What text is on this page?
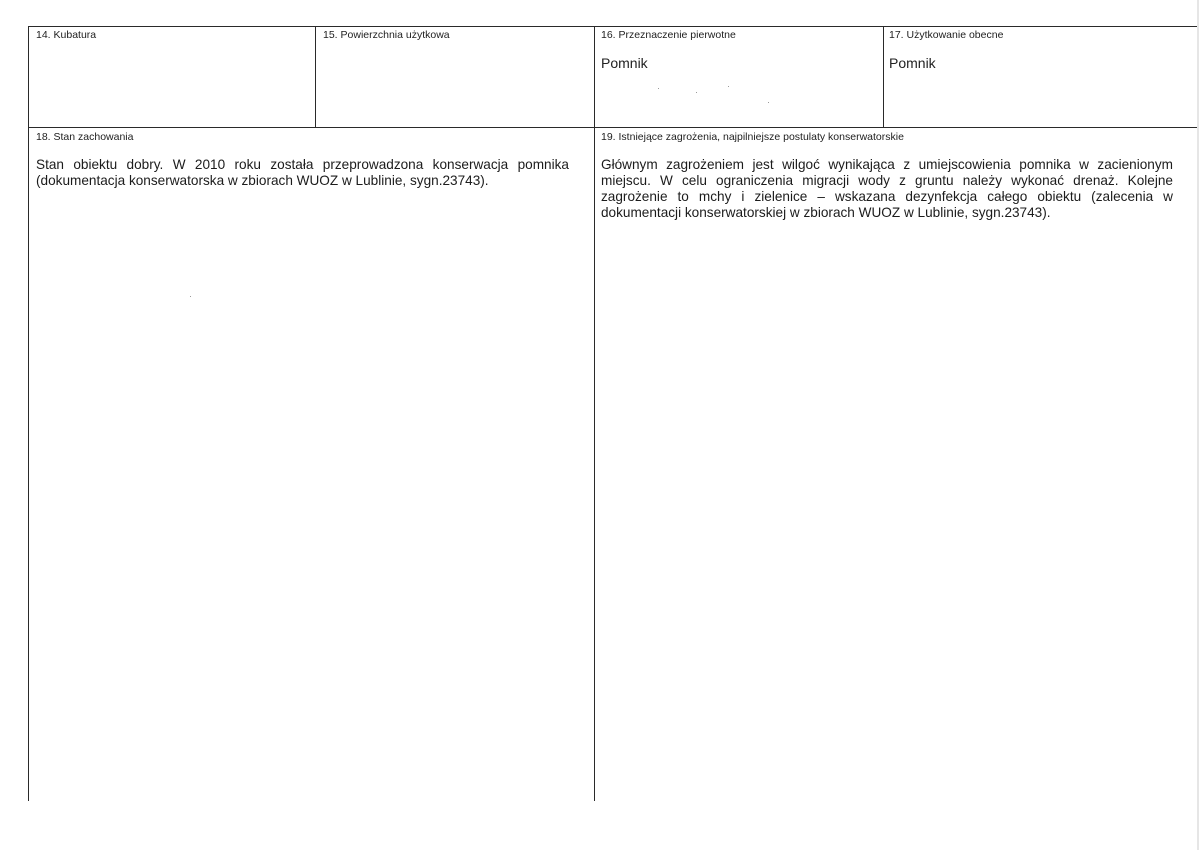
14. Kubatura	15. Powierzchnia użytkowa	16. Przeznaczenie pierwotne
Pomnik
17. Użytkowanie obecne
Pomnik
18. Stan zachowania

Stan obiektu dobry. W 2010 roku została przeprowadzona konserwacja pomnika (dokumentacja konserwatorska w zbiorach WUOZ w Lublinie, sygn.23743).

19. Istniejące zagrożenia, najpilniejsze postulaty konserwatorskie

Głównym zagrożeniem jest wilgoć wynikająca z umiejscowienia pomnika w zacienionym miejscu. W celu ograniczenia migracji wody z gruntu należy wykonać drenaż. Kolejne zagrożenie to mchy i zielenice – wskazana dezynfekcja całego obiektu (zalecenia w dokumentacji konserwatorskiej w zbiorach WUOZ w Lublinie, sygn.23743).
